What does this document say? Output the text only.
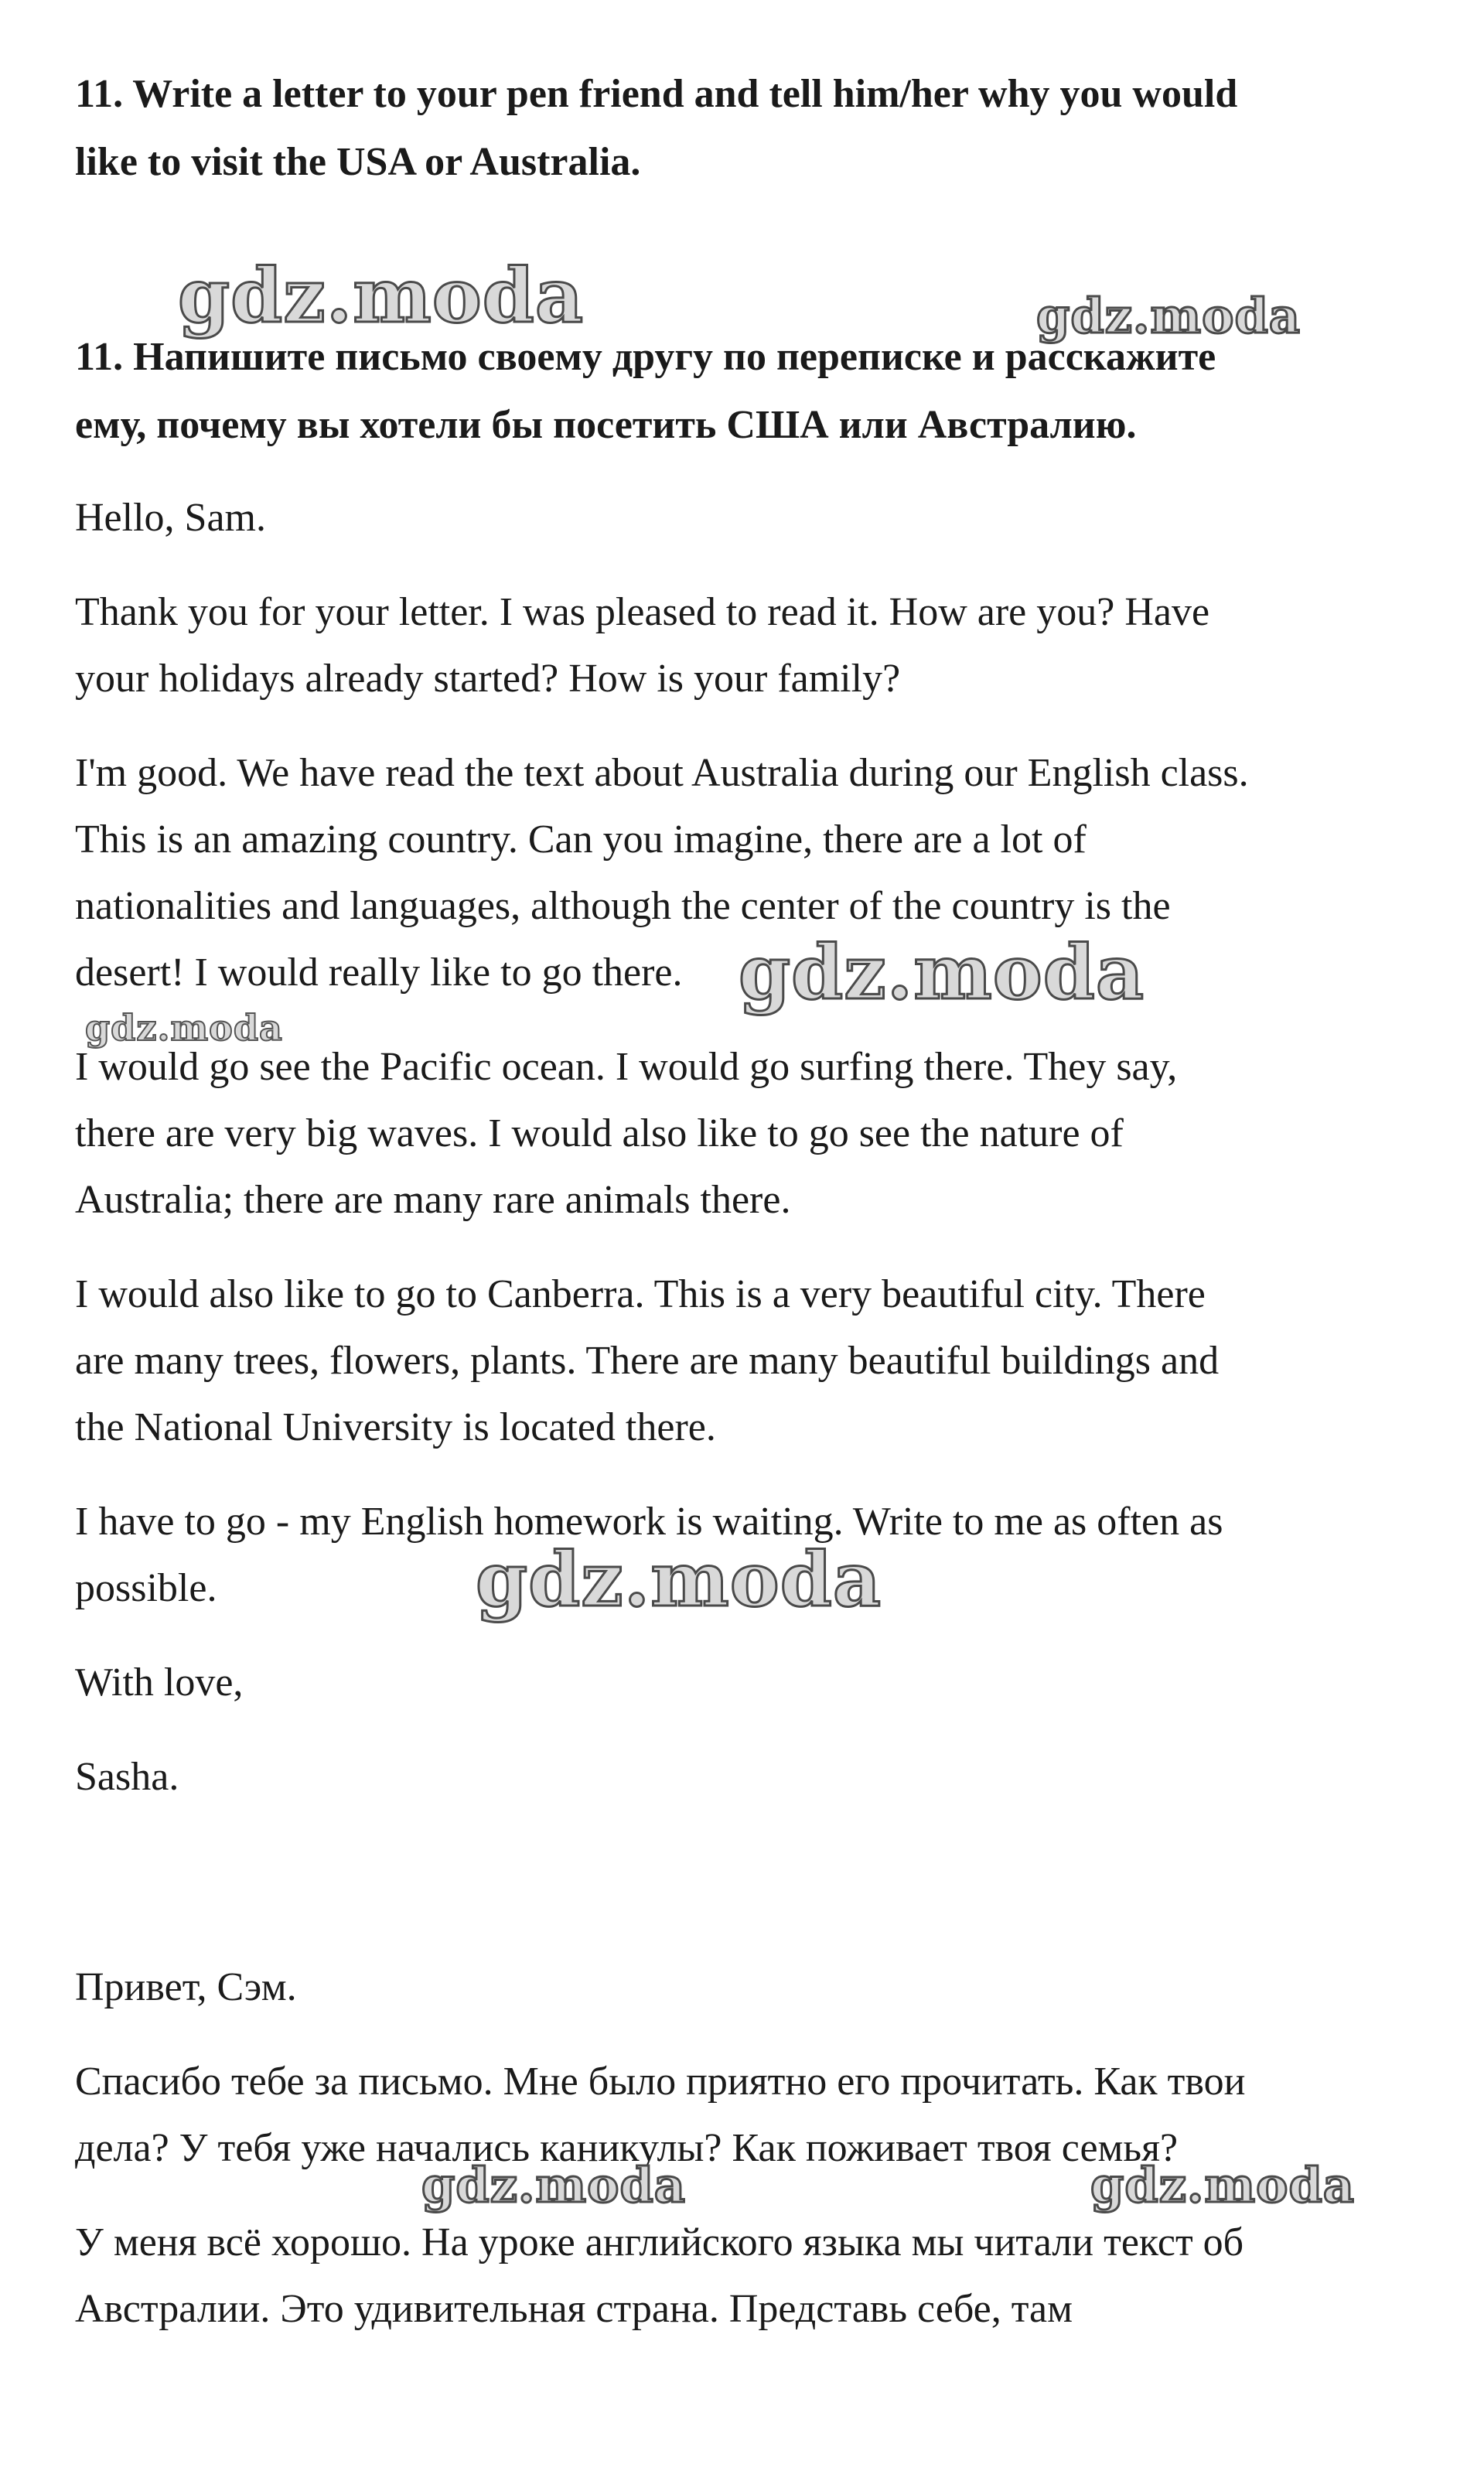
11. Write a letter to your pen friend and tell him/her why you would
like to visit the USA or Australia.
11. Напишите письмо своему другу по переписке и расскажите
ему, почему вы хотели бы посетить США или Австралию.
Hello, Sam.
Thank you for your letter. I was pleased to read it. How are you? Have
your holidays already started? How is your family?
I'm good. We have read the text about Australia during our English class.
This is an amazing country. Can you imagine, there are a lot of
nationalities and languages, although the center of the country is the
desert! I would really like to go there.
I would go see the Pacific ocean. I would go surfing there. They say,
there are very big waves. I would also like to go see the nature of
Australia; there are many rare animals there.
I would also like to go to Canberra. This is a very beautiful city. There
are many trees, flowers, plants. There are many beautiful buildings and
the National University is located there.
I have to go - my English homework is waiting. Write to me as often as
possible.
With love,
Sasha.
Привет, Сэм.
Спасибо тебе за письмо. Мне было приятно его прочитать. Как твои
дела? У тебя уже начались каникулы? Как поживает твоя семья?
У меня всё хорошо. На уроке английского языка мы читали текст об
Австралии. Это удивительная страна. Представь себе, там
gdz.moda	gdz.moda
gdz.moda
gdz.moda
gdz.moda
gdz.moda	gdz.moda
